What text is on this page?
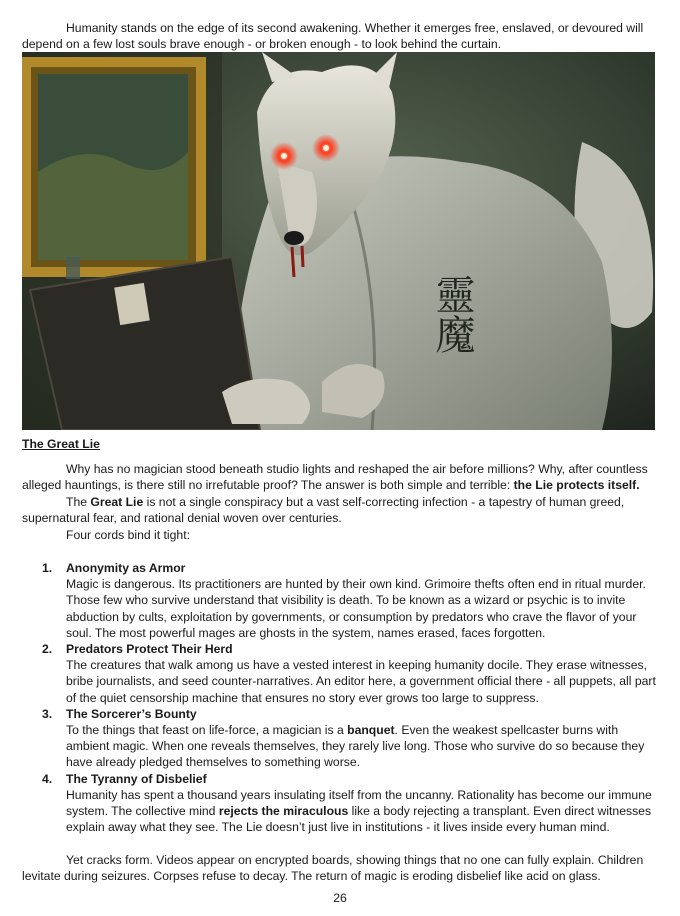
Humanity stands on the edge of its second awakening. Whether it emerges free, enslaved, or devoured will depend on a few lost souls brave enough - or broken enough - to look behind the curtain.

靈魔

The Great Lie

Why has no magician stood beneath studio lights and reshaped the air before millions? Why, after countless alleged hauntings, is there still no irrefutable proof? The answer is both simple and terrible: the Lie protects itself.

The Great Lie is not a single conspiracy but a vast self-correcting infection - a tapestry of human greed, supernatural fear, and rational denial woven over centuries.

Four cords bind it tight:

1. Anonymity as Armor
Magic is dangerous. Its practitioners are hunted by their own kind. Grimoire thefts often end in ritual murder. Those few who survive understand that visibility is death. To be known as a wizard or psychic is to invite abduction by cults, exploitation by governments, or consumption by predators who crave the flavor of your soul. The most powerful mages are ghosts in the system, names erased, faces forgotten.
2. Predators Protect Their Herd
The creatures that walk among us have a vested interest in keeping humanity docile. They erase witnesses, bribe journalists, and seed counter-narratives. An editor here, a government official there - all puppets, all part of the quiet censorship machine that ensures no story ever grows too large to suppress.
3. The Sorcerer’s Bounty
To the things that feast on life-force, a magician is a banquet. Even the weakest spellcaster burns with ambient magic. When one reveals themselves, they rarely live long. Those who survive do so because they have already pledged themselves to something worse.
4. The Tyranny of Disbelief
Humanity has spent a thousand years insulating itself from the uncanny. Rationality has become our immune system. The collective mind rejects the miraculous like a body rejecting a transplant. Even direct witnesses explain away what they see. The Lie doesn’t just live in institutions - it lives inside every human mind.

Yet cracks form. Videos appear on encrypted boards, showing things that no one can fully explain. Children levitate during seizures. Corpses refuse to decay. The return of magic is eroding disbelief like acid on glass.

26
